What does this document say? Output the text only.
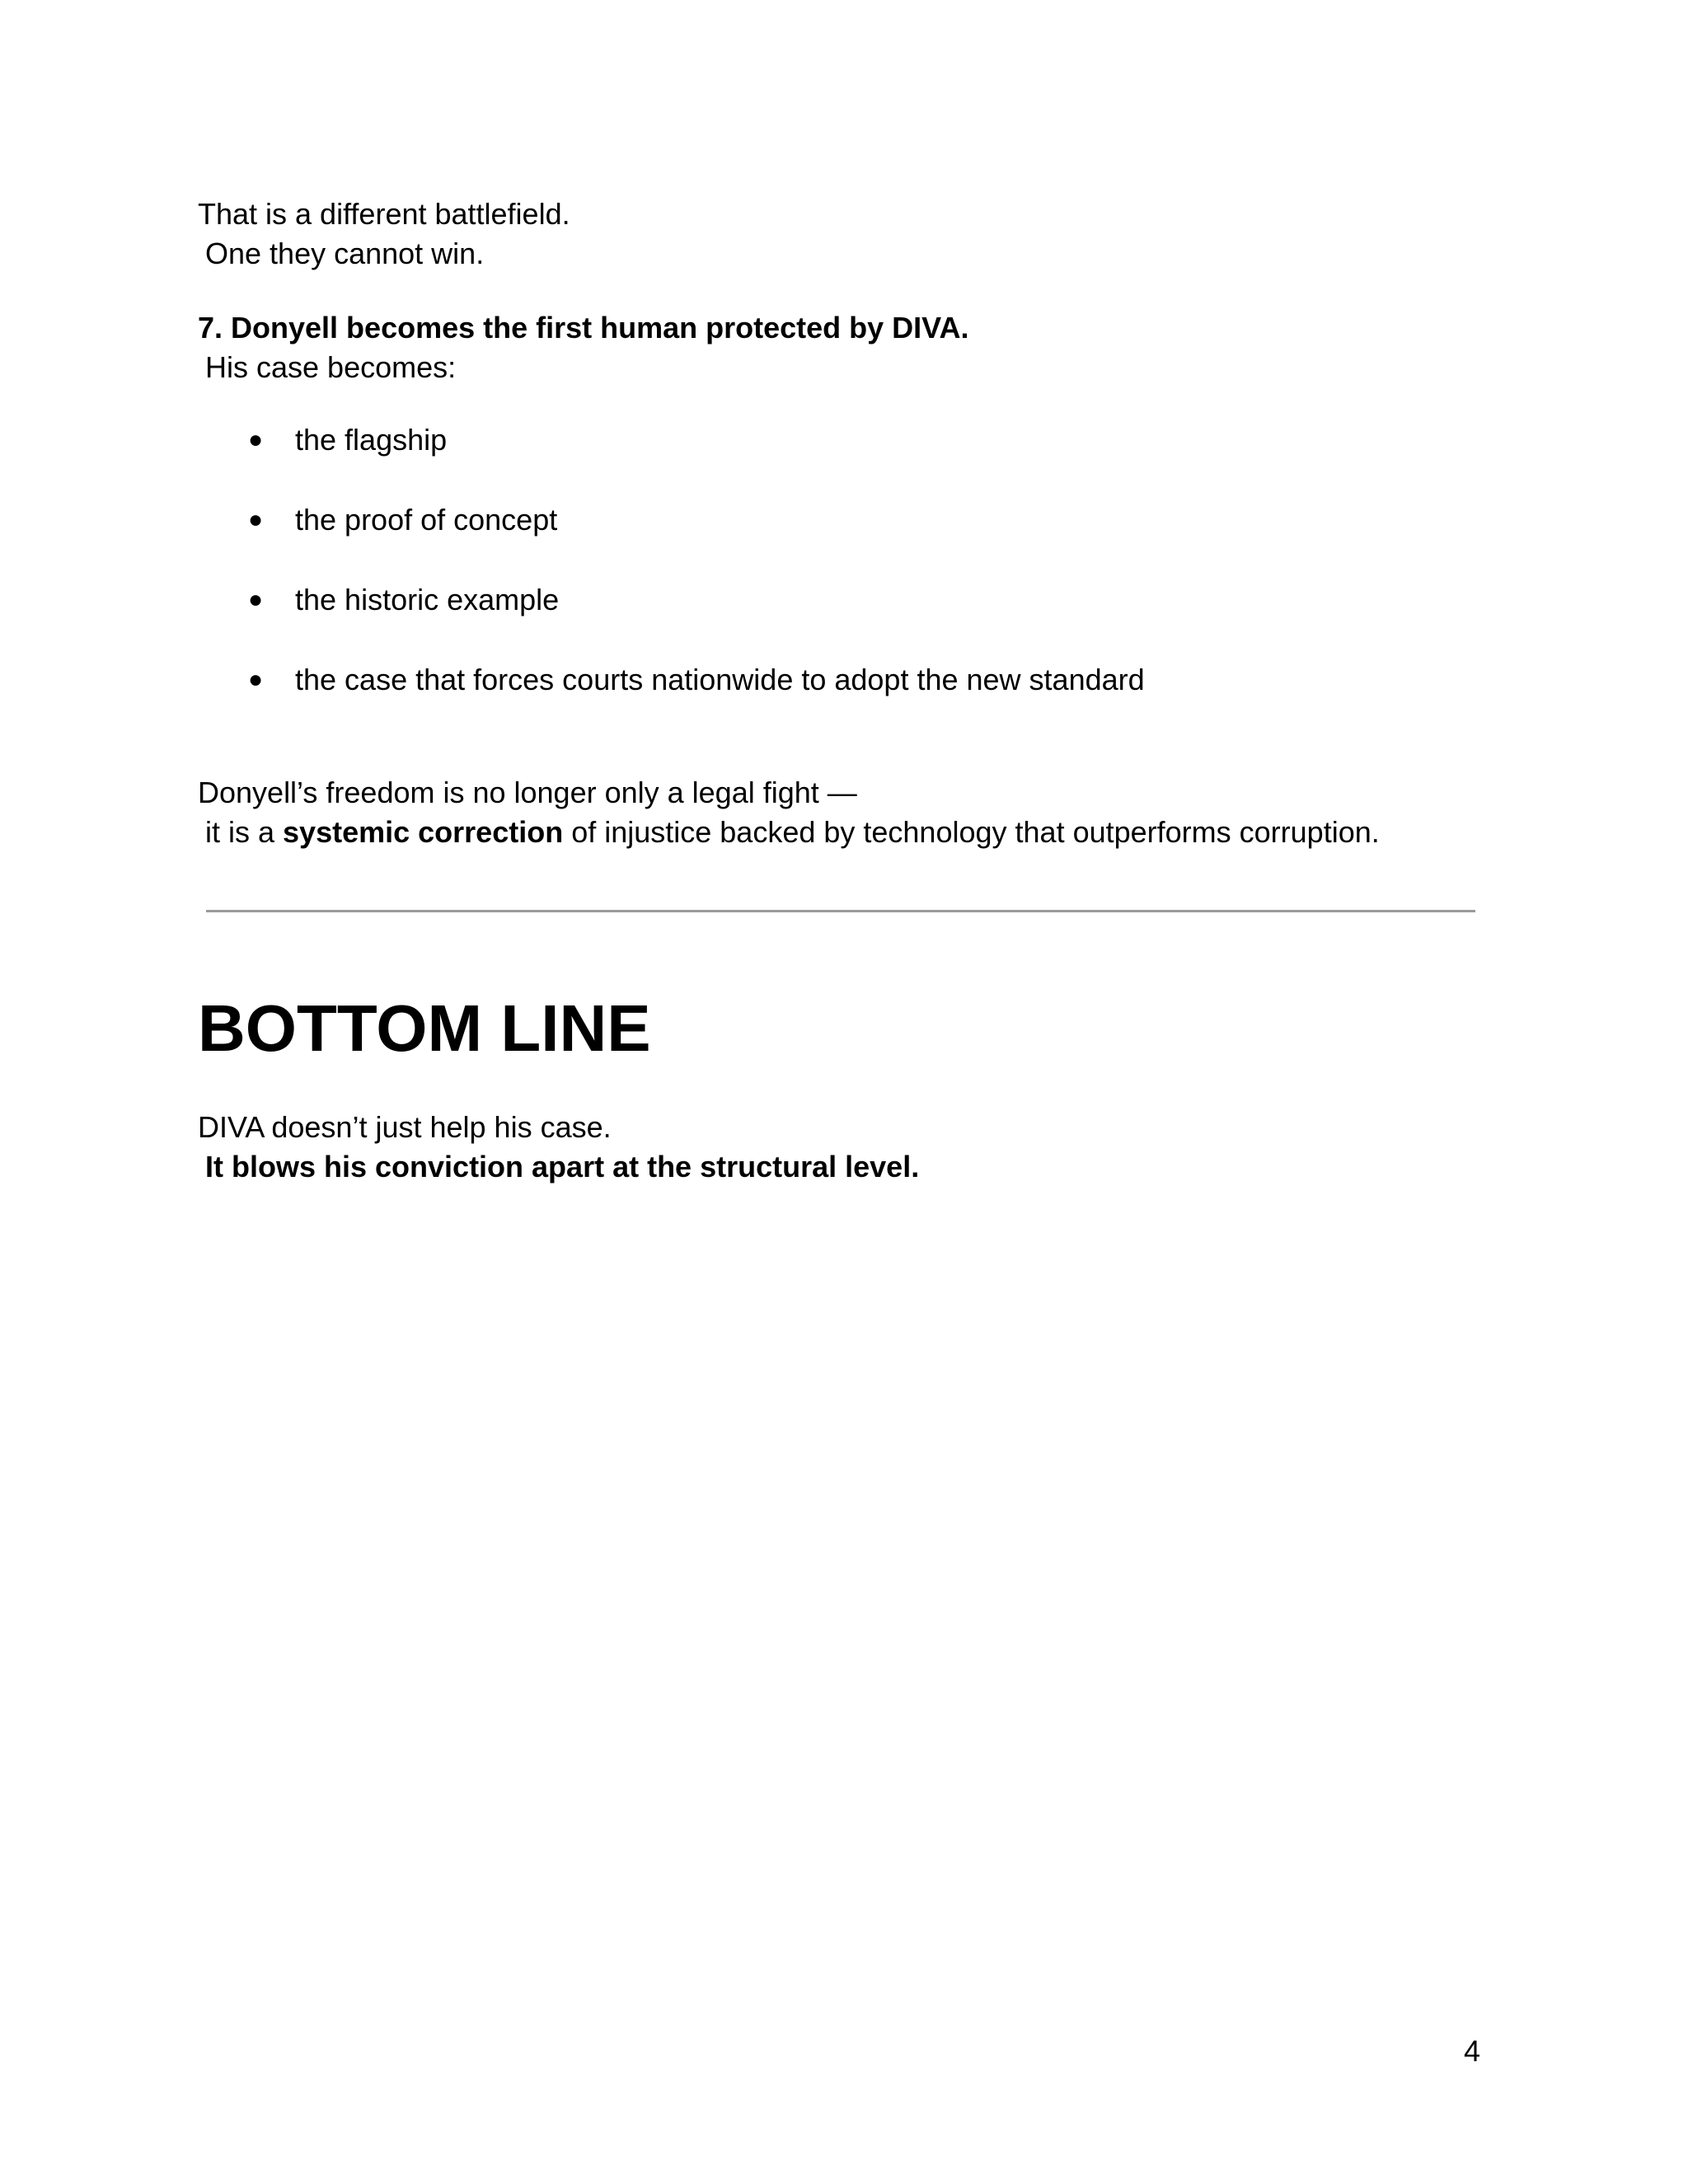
That is a different battlefield.
One they cannot win.
7. Donyell becomes the first human protected by DIVA.
His case becomes:
● the flagship
● the proof of concept
● the historic example
● the case that forces courts nationwide to adopt the new standard
Donyell’s freedom is no longer only a legal fight —
it is a systemic correction of injustice backed by technology that outperforms corruption.
BOTTOM LINE
DIVA doesn’t just help his case.
It blows his conviction apart at the structural level.
4
